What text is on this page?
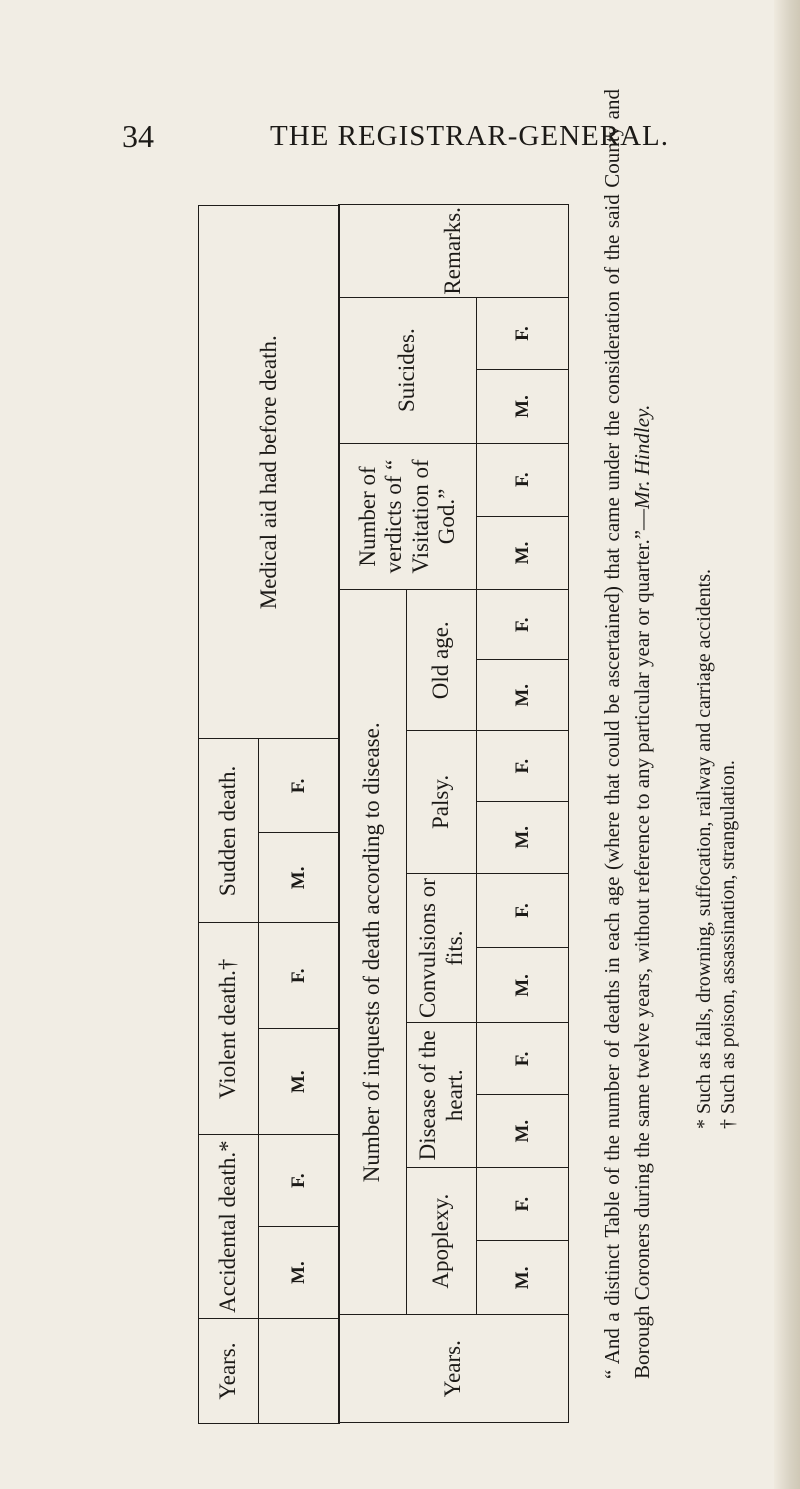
34	THE REGISTRAR-GENERAL.
Years.	Accidental death.*		Violent death.†		Sudden death.		Medical aid had before death.
	M.	F.	M.	F.	M.	F.	
Years.	Number of inquests of death according to disease.										Number of verdicts of “ Visitation of God.”		Suicides.		Remarks.
	Apoplexy.		Disease of the heart.		Convulsions or fits.		Palsy.		Old age.						
	M.	F.	M.	F.	M.	F.	M.	F.	M.	F.	M.	F.	M.	F.		“ And a distinct Table of the number of deaths in each age (where that could be ascertained) that came under the consideration of the said County and Borough Coroners during the same twelve years, without reference to any particular year or quarter.”—Mr. Hindley.
* Such as falls, drowning, suffocation, railway and carriage accidents. † Such as poison, assassination, strangulation.
